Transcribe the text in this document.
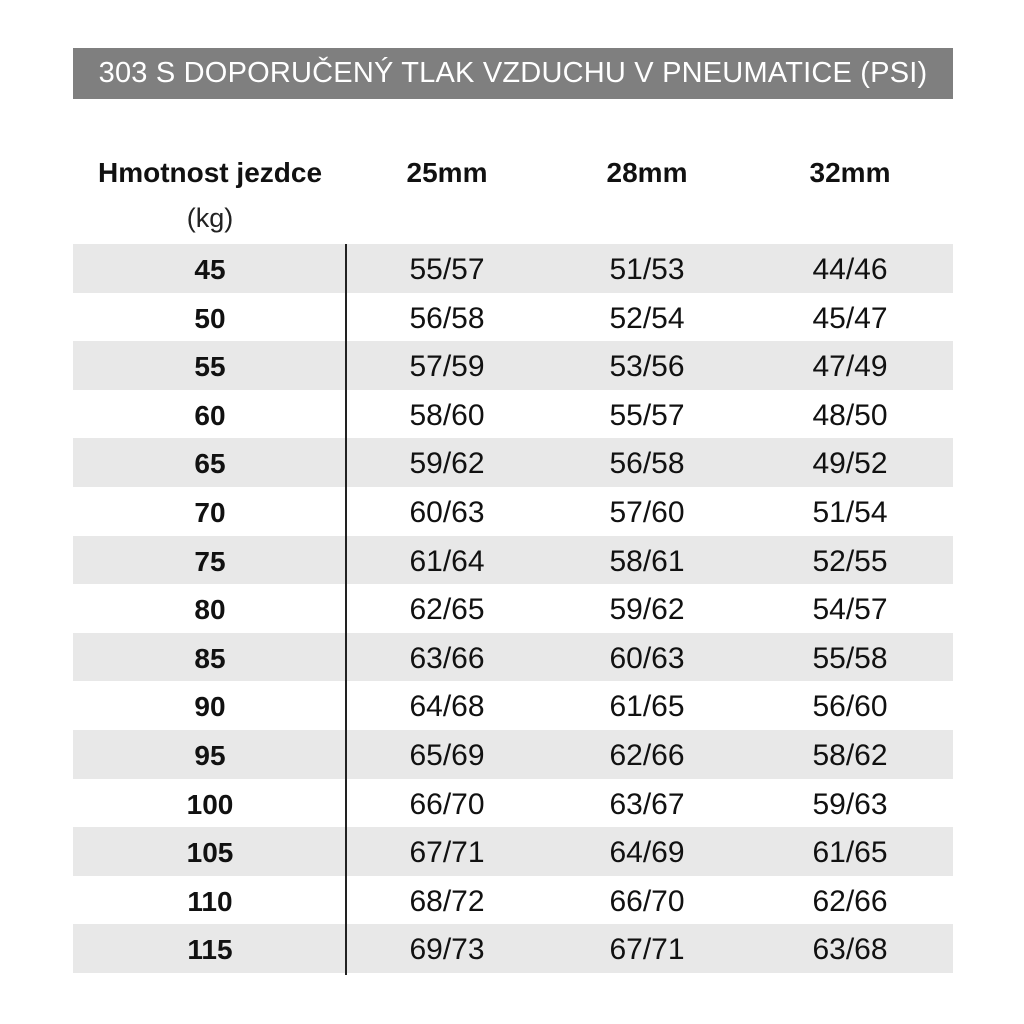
303 S DOPORUČENÝ TLAK VZDUCHU V PNEUMATICE (PSI)
Hmotnost jezdce	25mm	28mm	32mm
(kg)
45	55/57	51/53	44/46
50	56/58	52/54	45/47
55	57/59	53/56	47/49
60	58/60	55/57	48/50
65	59/62	56/58	49/52
70	60/63	57/60	51/54
75	61/64	58/61	52/55
80	62/65	59/62	54/57
85	63/66	60/63	55/58
90	64/68	61/65	56/60
95	65/69	62/66	58/62
100	66/70	63/67	59/63
105	67/71	64/69	61/65
110	68/72	66/70	62/66
115	69/73	67/71	63/68
